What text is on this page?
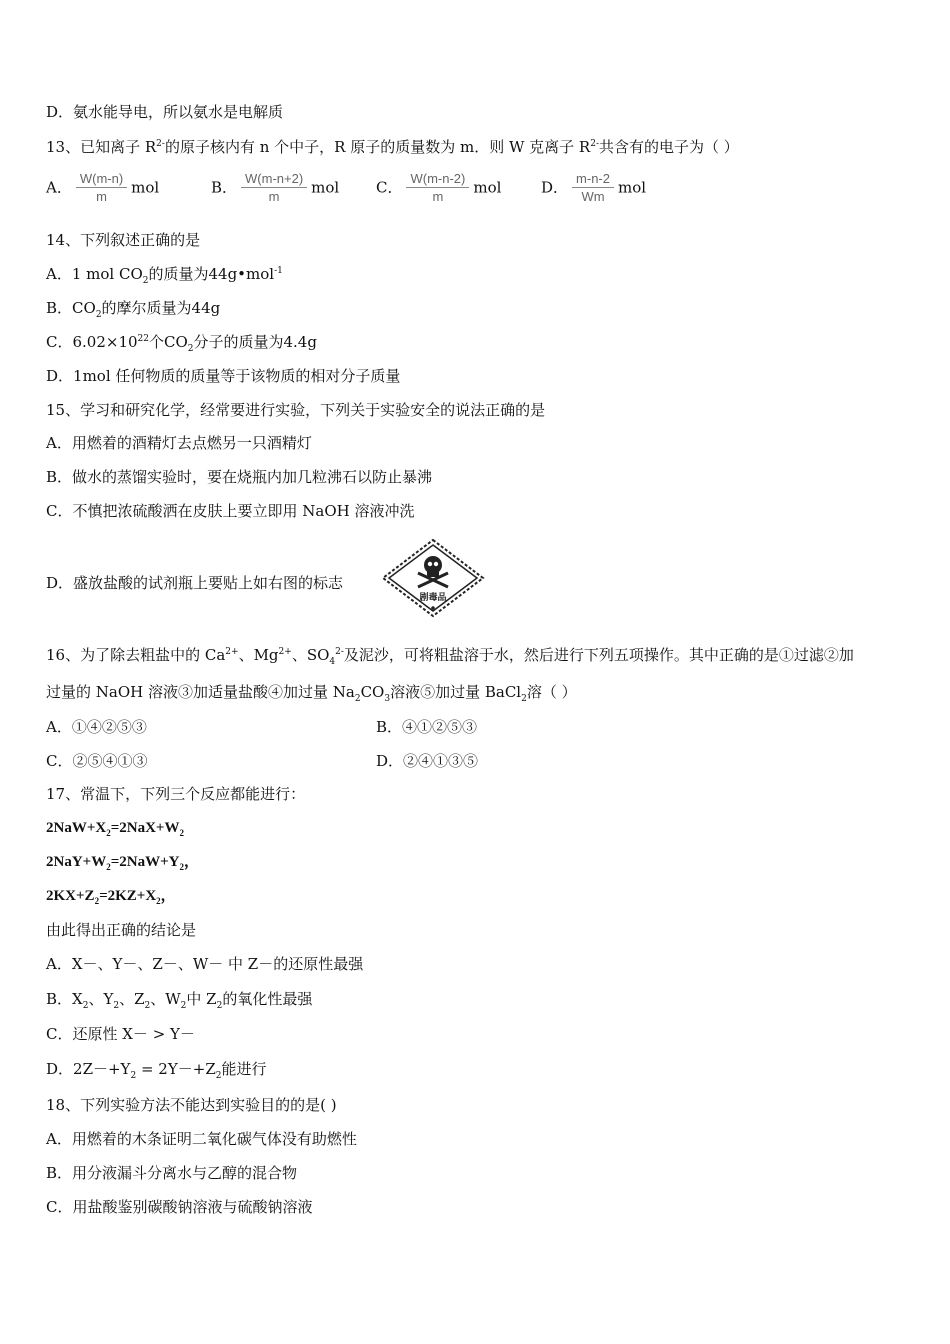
D．氨水能导电，所以氨水是电解质
13、已知离子 $R^{2-}$的原子核内有 n 个中子，R 原子的质量数为 m．则 W 克离子 $R^{2-}$共含有的电子为（ ）
A． $\frac{W(m-n)}{m}$ mol	B． $\frac{W(m-n+2)}{m}$ mol C． $\frac{W(m-n-2)}{m}$ mol	D． $\frac{m-n-2}{Wm}$ mol
14、下列叙述正确的是
A．1 mol $CO_2$的质量为44g•mol$^{-1}$
B．$CO_2$的摩尔质量为44g
C．$6.02\times 10^{22}$个$CO_2$分子的质量为4.4g
D．1mol 任何物质的质量等于该物质的相对分子质量
15、学习和研究化学，经常要进行实验，下列关于实验安全的说法正确的是
A．用燃着的酒精灯去点燃另一只酒精灯
B．做水的蒸馏实验时，要在烧瓶内加几粒沸石以防止暴沸
C．不慎把浓硫酸洒在皮肤上要立即用 NaOH 溶液冲洗
D．盛放盐酸的试剂瓶上要贴上如右图的标志
剧毒品
16、为了除去粗盐中的 $Ca^{2+}$、$Mg^{2+}$、$SO_4^{2-}$及泥沙，可将粗盐溶于水，然后进行下列五项操作。其中正确的是①过滤②加
过量的 NaOH 溶液③加适量盐酸④加过量 $Na_2CO_3$溶液⑤加过量 BaCl$_2$溶（ ）
A．①④②⑤③	B．④①②⑤③
C．②⑤④①③	D．②④①③⑤
17、常温下，下列三个反应都能进行：
$2NaW+X_2=2NaX+W_2$
$2NaY+W_2=2NaW+Y_2$，
$2KX+Z_2=2KZ+X_2$，
由此得出正确的结论是
A．X－、Y－、Z－、W－ 中 Z－的还原性最强
B．$X_2$、$Y_2$、$Z_2$、$W_2$中 $Z_2$的氧化性最强
C．还原性 X－ > Y－
D．$2Z-+Y_2 = 2Y-+Z_2$能进行
18、下列实验方法不能达到实验目的的是( )
A．用燃着的木条证明二氧化碳气体没有助燃性
B．用分液漏斗分离水与乙醇的混合物
C．用盐酸鉴别碳酸钠溶液与硫酸钠溶液
